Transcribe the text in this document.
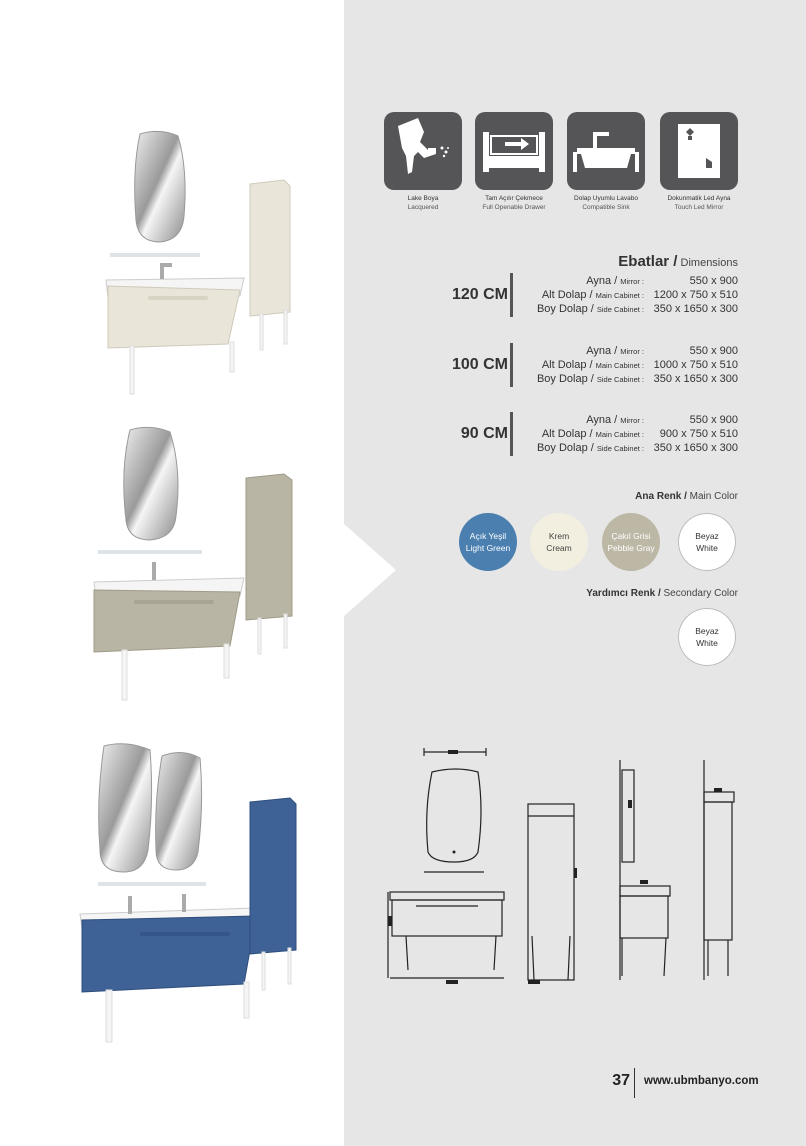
Lake Boya
Lacquered
Tam Açılır Çekmece
Full Openable Drawer
Dolap Uyumlu Lavabo
Compatible Sink
Dokunmatik Led Ayna
Touch Led Mirror
Ebatlar / Dimensions
120 CM
Ayna / Mirror :	550 x 900
Alt Dolap / Main Cabinet : 1200 x 750 x 510
Boy Dolap / Side Cabinet : 350 x 1650 x 300
100 CM
Ayna / Mirror :	550 x 900
Alt Dolap / Main Cabinet : 1000 x 750 x 510
Boy Dolap / Side Cabinet : 350 x 1650 x 300
90 CM
Ayna / Mirror :	550 x 900
Alt Dolap / Main Cabinet :	900 x 750 x 510
Boy Dolap / Side Cabinet : 350 x 1650 x 300
Ana Renk / Main Color
Açık Yeşil
Light Green
Krem
Cream
Çakıl Grisi
Pebble Gray
Beyaz
White
Yardımcı Renk / Secondary Color
Beyaz
White
37 www.ubmbanyo.com
